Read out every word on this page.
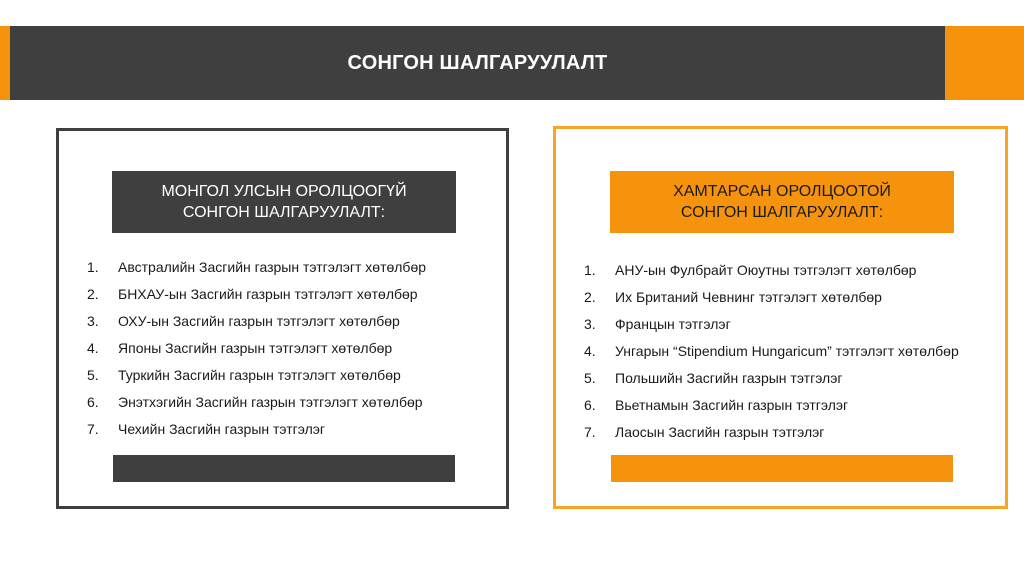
СОНГОН ШАЛГАРУУЛАЛТ
МОНГОЛ УЛСЫН ОРОЛЦООГҮЙ
СОНГОН ШАЛГАРУУЛАЛТ:
1. Австралийн Засгийн газрын тэтгэлэгт хөтөлбөр
2. БНХАУ-ын Засгийн газрын тэтгэлэгт хөтөлбөр
3. ОХУ-ын Засгийн газрын тэтгэлэгт хөтөлбөр
4. Японы Засгийн газрын тэтгэлэгт хөтөлбөр
5. Туркийн Засгийн газрын тэтгэлэгт хөтөлбөр
6. Энэтхэгийн Засгийн газрын тэтгэлэгт хөтөлбөр
7. Чехийн Засгийн газрын тэтгэлэг
ХАМТАРСАН ОРОЛЦООТОЙ
СОНГОН ШАЛГАРУУЛАЛТ:
1. АНУ-ын Фулбрайт Оюутны тэтгэлэгт хөтөлбөр
2. Их Британий Чевнинг тэтгэлэгт хөтөлбөр
3. Францын тэтгэлэг
4. Унгарын “Stipendium Hungaricum” тэтгэлэгт хөтөлбөр
5. Польшийн Засгийн газрын тэтгэлэг
6. Вьетнамын Засгийн газрын тэтгэлэг
7. Лаосын Засгийн газрын тэтгэлэг
